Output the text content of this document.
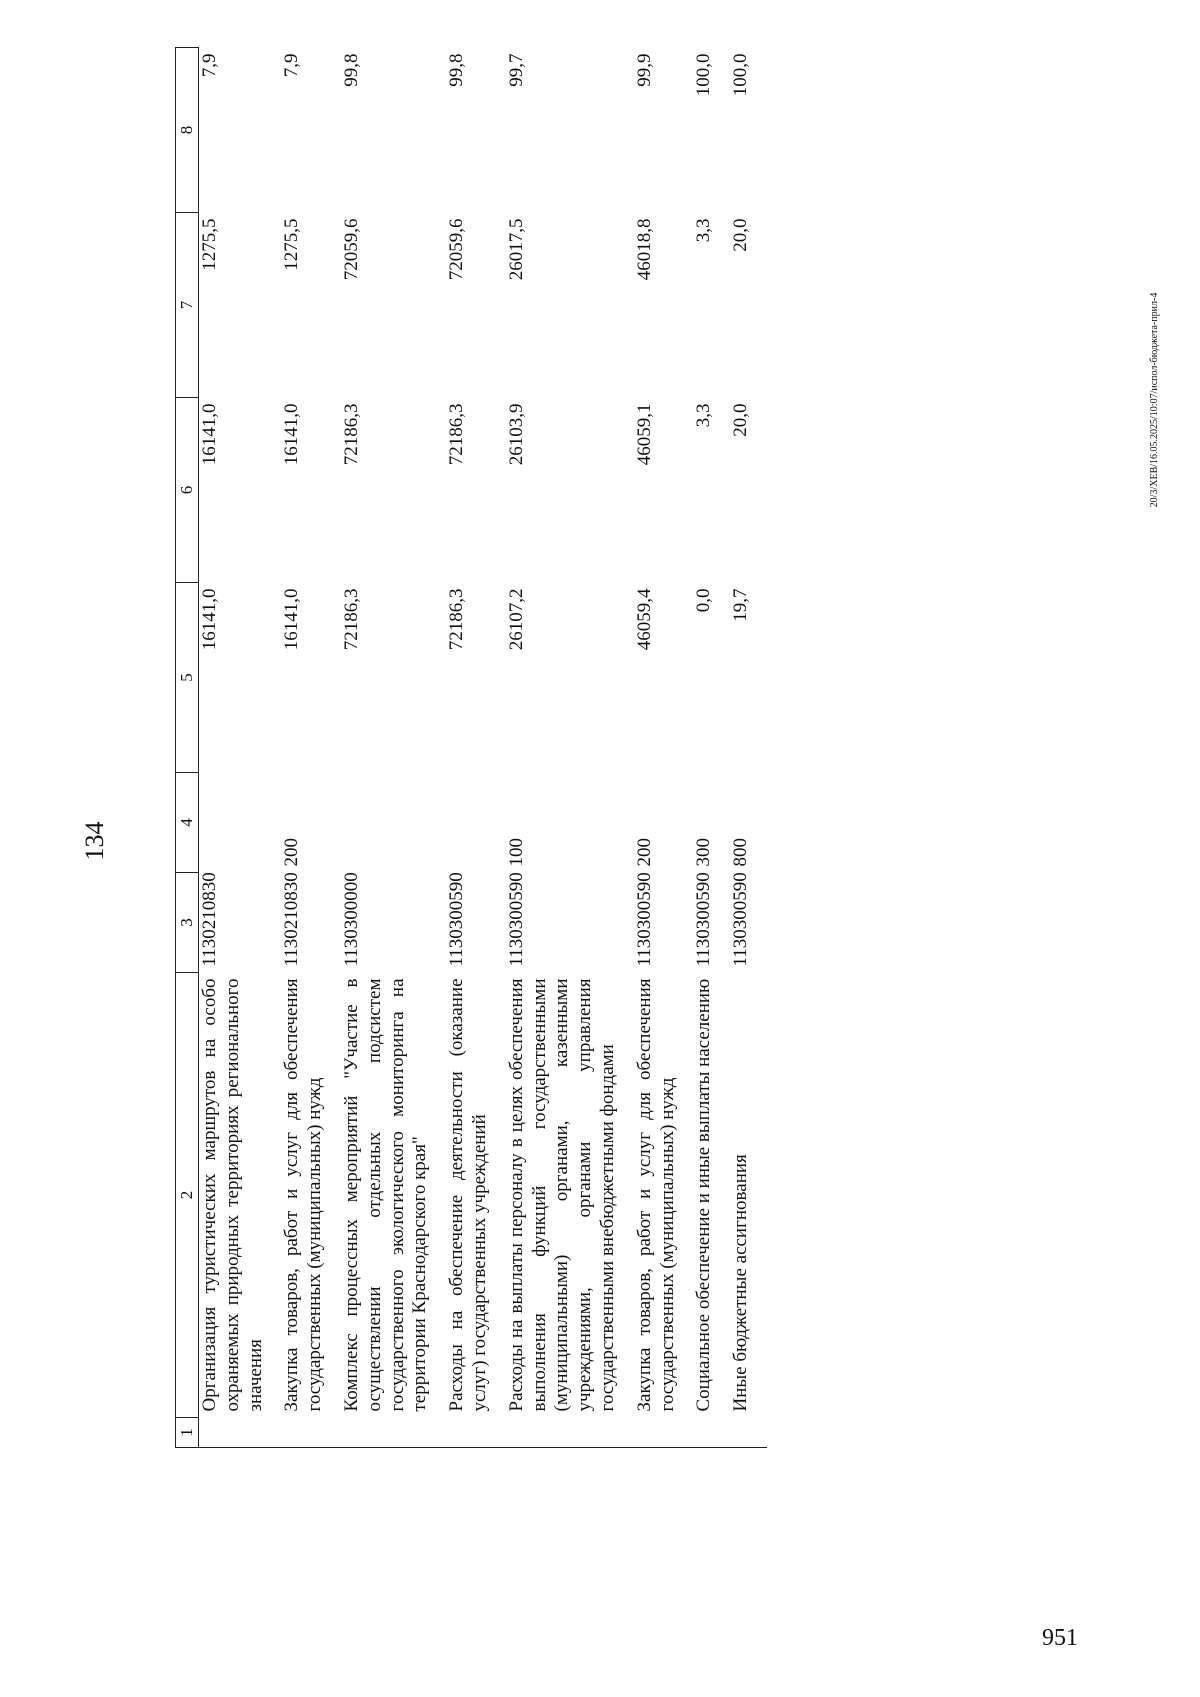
134
951
20/3/ХЕВ/16.05.2025/10:07/испол-бюджета-прил-4
1	2	3	4	5	6	7	8
	Организация туристических маршрутов на особо охраняемых природных территориях регионального значения	1130210830		16141,0	16141,0	1275,5	7,9
	Закупка товаров, работ и услуг для обеспечения государственных (муниципальных) нужд	1130210830	200	16141,0	16141,0	1275,5	7,9
	Комплекс процессных мероприятий "Участие в осуществлении отдельных подсистем государственного экологического мониторинга на территории Краснодарского края"	1130300000		72186,3	72186,3	72059,6	99,8
	Расходы на обеспечение деятельности (оказание услуг) государственных учреждений	1130300590		72186,3	72186,3	72059,6	99,8
	Расходы на выплаты персоналу в целях обеспечения выполнения функций государственными (муниципальными) органами, казенными учреждениями, органами управления государственными внебюджетными фондами	1130300590	100	26107,2	26103,9	26017,5	99,7
	Закупка товаров, работ и услуг для обеспечения государственных (муниципальных) нужд	1130300590	200	46059,4	46059,1	46018,8	99,9
	Социальное обеспечение и иные выплаты населению	1130300590	300	0,0	3,3	3,3	100,0
	Иные бюджетные ассигнования	1130300590	800	19,7	20,0	20,0	100,0
